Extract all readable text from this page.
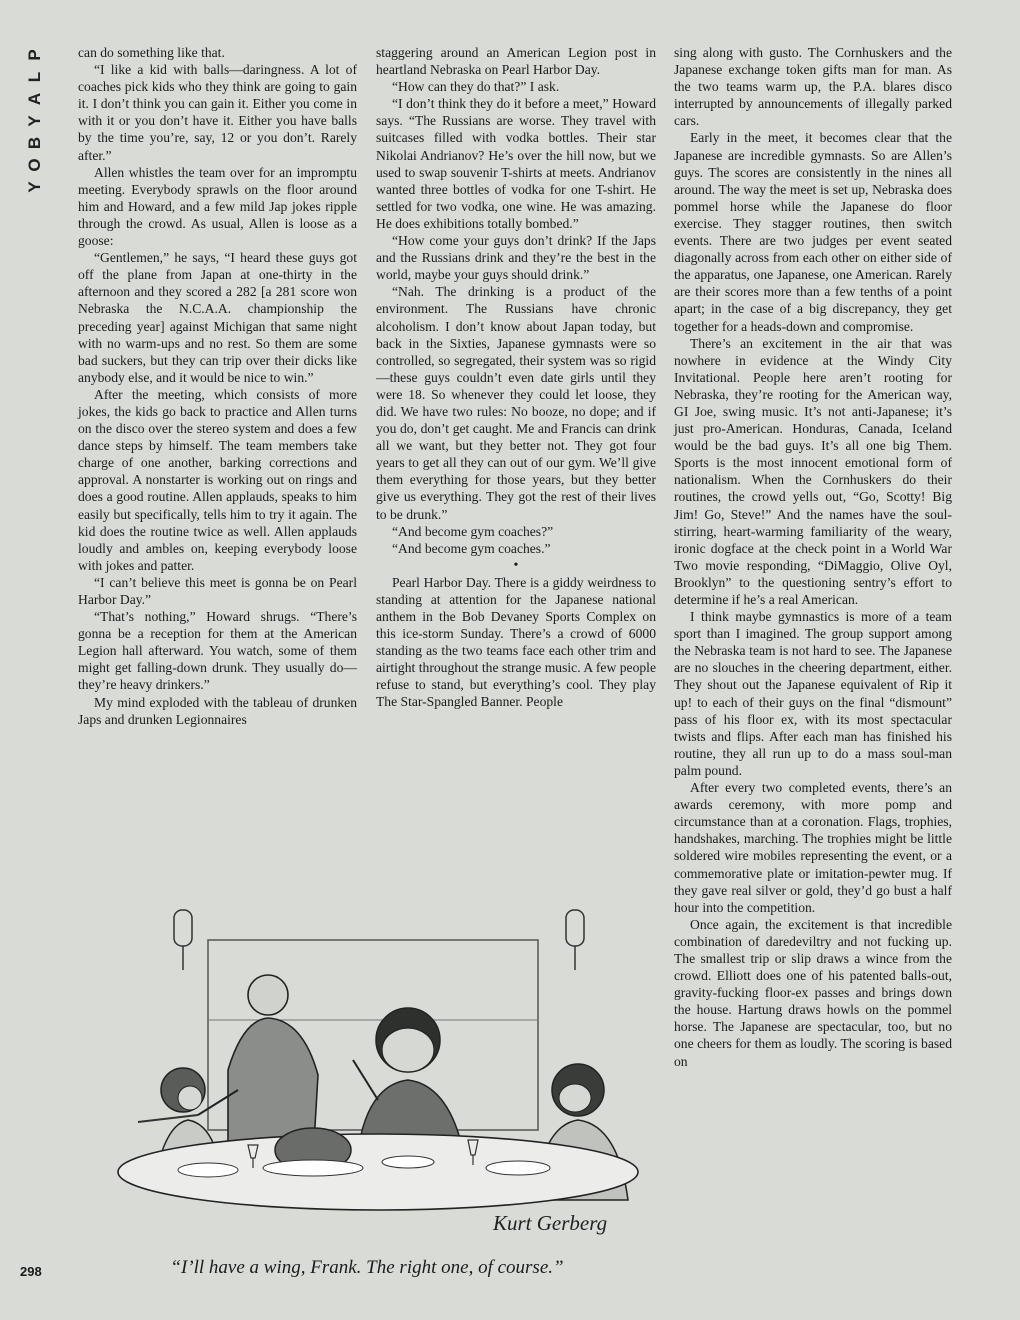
P
L
A
Y
B
O
Y

can do something like that.

“I like a kid with balls—daringness. A lot of coaches pick kids who they think are going to gain it. I don’t think you can gain it. Either you come in with it or you don’t have it. Either you have balls by the time you’re, say, 12 or you don’t. Rarely after.”

Allen whistles the team over for an impromptu meeting. Everybody sprawls on the floor around him and Howard, and a few mild Jap jokes ripple through the crowd. As usual, Allen is loose as a goose:

“Gentlemen,” he says, “I heard these guys got off the plane from Japan at one-thirty in the afternoon and they scored a 282 [a 281 score won Nebraska the N.C.A.A. championship the preceding year] against Michigan that same night with no warm-ups and no rest. So them are some bad suckers, but they can trip over their dicks like anybody else, and it would be nice to win.”

After the meeting, which consists of more jokes, the kids go back to practice and Allen turns on the disco over the stereo system and does a few dance steps by himself. The team members take charge of one another, barking corrections and approval. A nonstarter is working out on rings and does a good routine. Allen applauds, speaks to him easily but specifically, tells him to try it again. The kid does the routine twice as well. Allen applauds loudly and ambles on, keeping everybody loose with jokes and patter.

“I can’t believe this meet is gonna be on Pearl Harbor Day.”

“That’s nothing,” Howard shrugs. “There’s gonna be a reception for them at the American Legion hall afterward. You watch, some of them might get falling-down drunk. They usually do—they’re heavy drinkers.”

My mind exploded with the tableau of drunken Japs and drunken Legionnaires

staggering around an American Legion post in heartland Nebraska on Pearl Harbor Day.

“How can they do that?” I ask.

“I don’t think they do it before a meet,” Howard says. “The Russians are worse. They travel with suitcases filled with vodka bottles. Their star Nikolai Andrianov? He’s over the hill now, but we used to swap souvenir T-shirts at meets. Andrianov wanted three bottles of vodka for one T-shirt. He settled for two vodka, one wine. He was amazing. He does exhibitions totally bombed.”

“How come your guys don’t drink? If the Japs and the Russians drink and they’re the best in the world, maybe your guys should drink.”

“Nah. The drinking is a product of the environment. The Russians have chronic alcoholism. I don’t know about Japan today, but back in the Sixties, Japanese gymnasts were so controlled, so segregated, their system was so rigid—these guys couldn’t even date girls until they were 18. So whenever they could let loose, they did. We have two rules: No booze, no dope; and if you do, don’t get caught. Me and Francis can drink all we want, but they better not. They got four years to get all they can out of our gym. We’ll give them everything for those years, but they better give us everything. They got the rest of their lives to be drunk.”

“And become gym coaches?”

“And become gym coaches.”

•

Pearl Harbor Day. There is a giddy weirdness to standing at attention for the Japanese national anthem in the Bob Devaney Sports Complex on this ice-storm Sunday. There’s a crowd of 6000 standing as the two teams face each other trim and airtight throughout the strange music. A few people refuse to stand, but everything’s cool. They play The Star-Spangled Banner. People

sing along with gusto. The Cornhuskers and the Japanese exchange token gifts man for man. As the two teams warm up, the P.A. blares disco interrupted by announcements of illegally parked cars.

Early in the meet, it becomes clear that the Japanese are incredible gymnasts. So are Allen’s guys. The scores are consistently in the nines all around. The way the meet is set up, Nebraska does pommel horse while the Japanese do floor exercise. They stagger routines, then switch events. There are two judges per event seated diagonally across from each other on either side of the apparatus, one Japanese, one American. Rarely are their scores more than a few tenths of a point apart; in the case of a big discrepancy, they get together for a heads-down and compromise.

There’s an excitement in the air that was nowhere in evidence at the Windy City Invitational. People here aren’t rooting for Nebraska, they’re rooting for the American way, GI Joe, swing music. It’s not anti-Japanese; it’s just pro-American. Honduras, Canada, Iceland would be the bad guys. It’s all one big Them. Sports is the most innocent emotional form of nationalism. When the Cornhuskers do their routines, the crowd yells out, “Go, Scotty! Big Jim! Go, Steve!” And the names have the soul-stirring, heart-warming familiarity of the weary, ironic dogface at the check point in a World War Two movie responding, “DiMaggio, Olive Oyl, Brooklyn” to the questioning sentry’s effort to determine if he’s a real American.

I think maybe gymnastics is more of a team sport than I imagined. The group support among the Nebraska team is not hard to see. The Japanese are no slouches in the cheering department, either. They shout out the Japanese equivalent of Rip it up! to each of their guys on the final “dismount” pass of his floor ex, with its most spectacular twists and flips. After each man has finished his routine, they all run up to do a mass soul-man palm pound.

After every two completed events, there’s an awards ceremony, with more pomp and circumstance than at a coronation. Flags, trophies, handshakes, marching. The trophies might be little soldered wire mobiles representing the event, or a commemorative plate or imitation-pewter mug. If they gave real silver or gold, they’d go bust a half hour into the competition.

Once again, the excitement is that incredible combination of daredeviltry and not fucking up. The smallest trip or slip draws a wince from the crowd. Elliott does one of his patented balls-out, gravity-fucking floor-ex passes and brings down the house. Hartung draws howls on the pommel horse. The Japanese are spectacular, too, but no one cheers for them as loudly. The scoring is based on

Kurt Gerberg
“I’ll have a wing, Frank. The right one, of course.”
298
